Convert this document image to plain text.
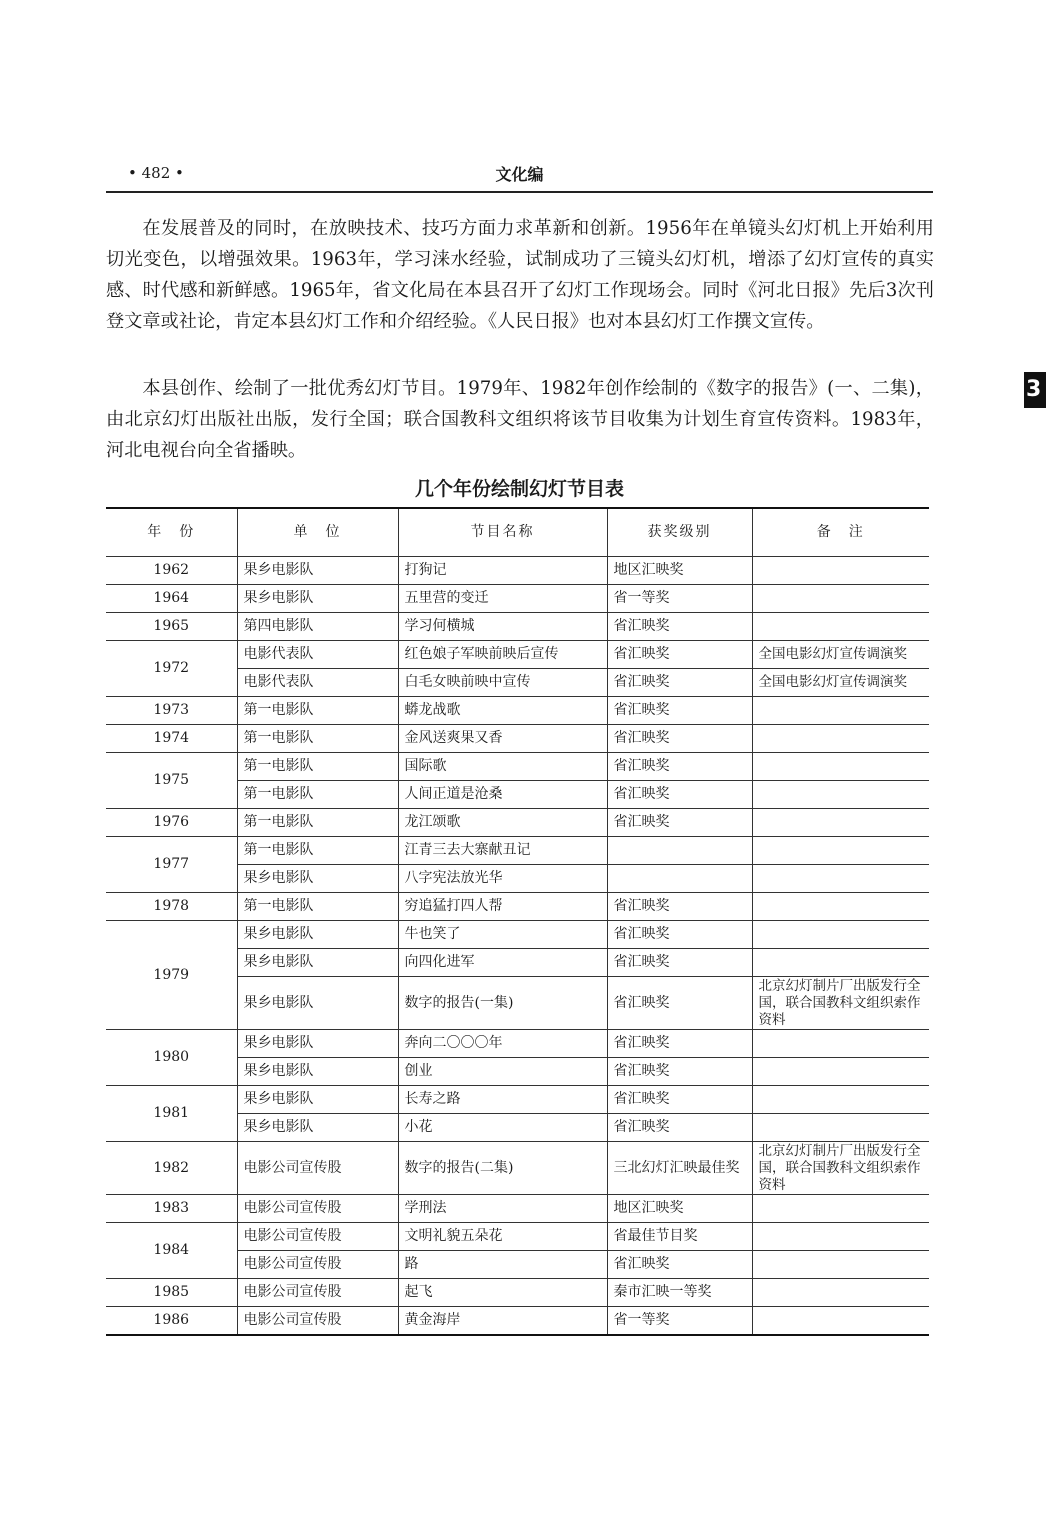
• 482 •	文化编

在发展普及的同时，在放映技术、技巧方面力求革新和创新。1956年在单镜头幻灯机上开始利用切光变色，以增强效果。1963年，学习涞水经验，试制成功了三镜头幻灯机，增添了幻灯宣传的真实感、时代感和新鲜感。1965年，省文化局在本县召开了幻灯工作现场会。同时《河北日报》先后3次刊登文章或社论，肯定本县幻灯工作和介绍经验。《人民日报》也对本县幻灯工作撰文宣传。

本县创作、绘制了一批优秀幻灯节目。1979年、1982年创作绘制的《数字的报告》(一、二集)，由北京幻灯出版社出版，发行全国；联合国教科文组织将该节目收集为计划生育宣传资料。1983年，河北电视台向全省播映。

3
几个年份绘制幻灯节目表
年　份	单　位	节目名称	获奖级别	备　注
1962	果乡电影队	打狗记	地区汇映奖	
1964	果乡电影队	五里营的变迁	省一等奖	
1965	第四电影队	学习何横城	省汇映奖	
1972	电影代表队	红色娘子军映前映后宣传	省汇映奖	全国电影幻灯宣传调演奖
	电影代表队	白毛女映前映中宣传	省汇映奖	全国电影幻灯宣传调演奖
1973	第一电影队	蟒龙战歌	省汇映奖	
1974	第一电影队	金风送爽果又香	省汇映奖	
1975	第一电影队	国际歌	省汇映奖	
	第一电影队	人间正道是沧桑	省汇映奖	
1976	第一电影队	龙江颂歌	省汇映奖	
1977	第一电影队	江青三去大寨献丑记		
	果乡电影队	八字宪法放光华		
1978	第一电影队	穷追猛打四人帮	省汇映奖	
1979	果乡电影队	牛也笑了	省汇映奖	
	果乡电影队	向四化进军	省汇映奖	
	果乡电影队	数字的报告(一集)	省汇映奖	北京幻灯制片厂出版发行全国，联合国教科文组织索作资料
1980	果乡电影队	奔向二〇〇〇年	省汇映奖	
	果乡电影队	创业	省汇映奖	
1981	果乡电影队	长寿之路	省汇映奖	
	果乡电影队	小花	省汇映奖	
1982	电影公司宣传股	数字的报告(二集)	三北幻灯汇映最佳奖	北京幻灯制片厂出版发行全国，联合国教科文组织索作资料
1983	电影公司宣传股	学刑法	地区汇映奖	
1984	电影公司宣传股	文明礼貌五朵花	省最佳节目奖	
	电影公司宣传股	路	省汇映奖	
1985	电影公司宣传股	起飞	秦市汇映一等奖	
1986	电影公司宣传股	黄金海岸	省一等奖	
